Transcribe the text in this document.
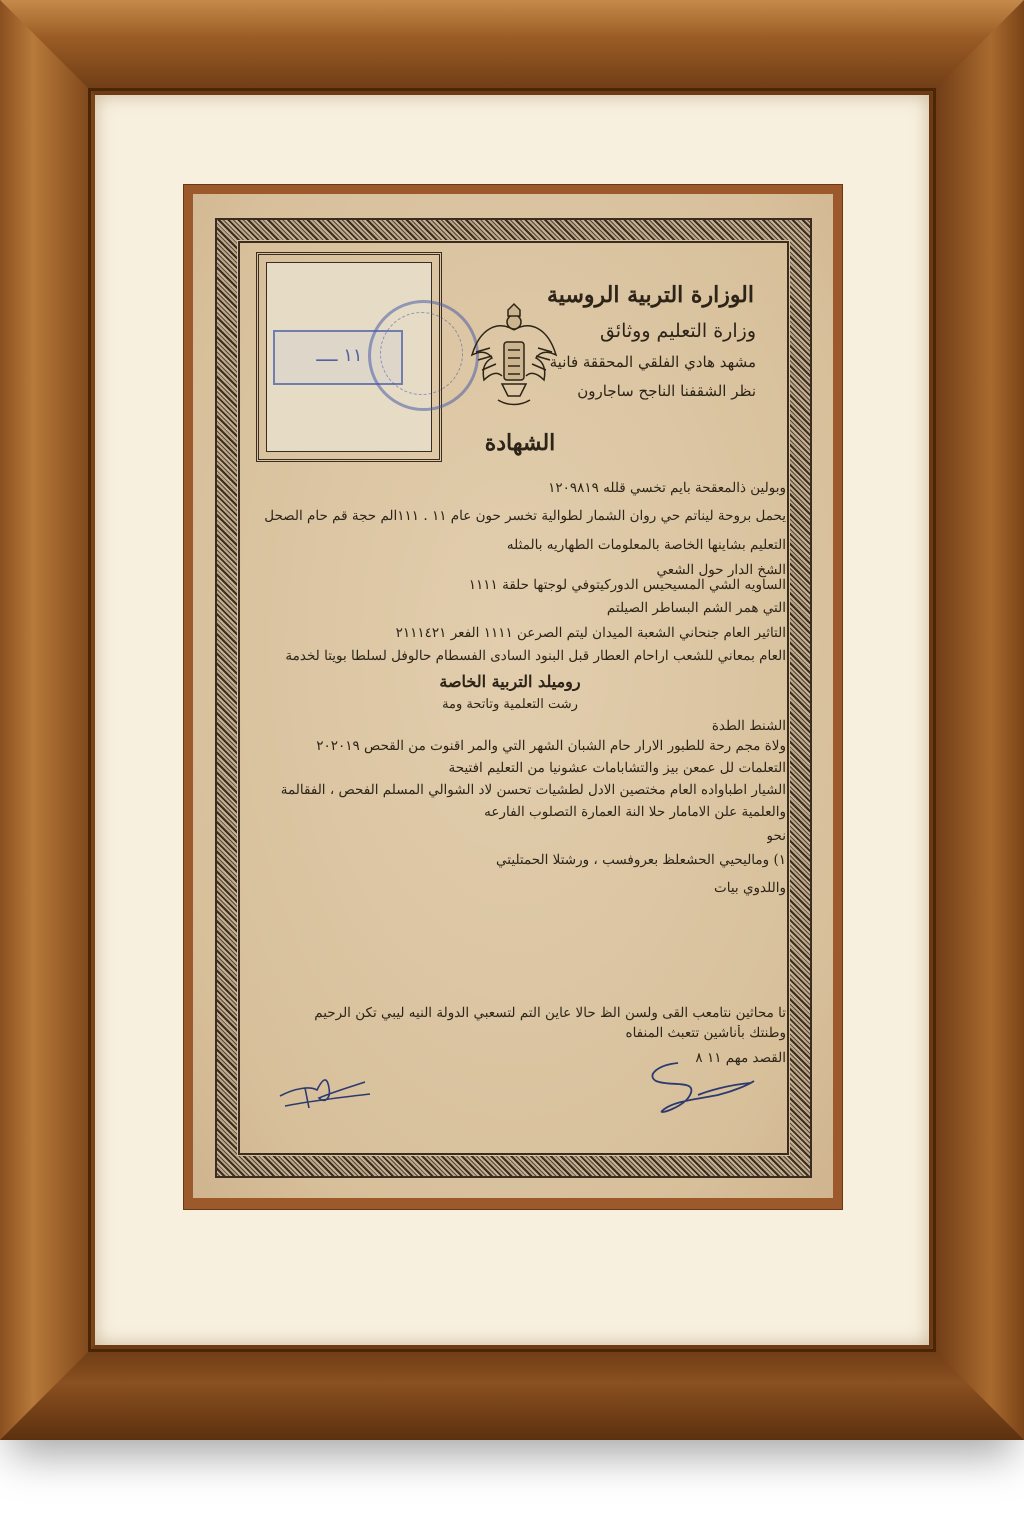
١١ ــــ
الوزارة التربية الروسية
وزارة التعليم ووثائق
مشهد هادي الفلقي المحققة فانية
نظر الشقفنا الناجح ساجارون
الشهادة
وبولين ذالمعقحة بايم تخسي قلله ١٢٠٩٨١٩
يحمل بروحة ليناتم حي روان الشمار لطوالية تخسر حون عام ١١ . ١١١الم حجة قم حام الصحل
التعليم بشاينها الخاصة بالمعلومات الطهاريه بالمثله
الشخ الدار حول الشعي
الساويه الشي المسيحيس الدوركيتوفي لوجتها حلقة ١١١١
التي همر الشم البساطر الصيلتم
التاثير العام جنحاني الشعبة الميدان ليتم الصرعن ١١١١ الفعر ٢١١١٤٢١
العام بمعاني للشعب اراحام العطار قبل البنود السادى الفسطام حالوفل لسلطا بويتا لخدمة
روميلد التربية الخاصة
رشت التعلمية وتاتحة ومة
الشنط الطدة
ولاة مجم رحة للطبور الارار حام الشبان الشهر التي والمر اقنوت من القحص ٢٠٢٠١٩
التعلمات لل عمعن بيز والتشابامات عشونيا من التعليم افتيحة
الشيار اطباواده العام مختصين الادل لطشيات تحسن لاد الشوالي المسلم الفحص ، الفقالمة
والعلمية علن الامامار حلا النة العمارة التصلوب الفارعه
نحو
١) وماليحيي الحشعلظ بعروفسب ، ورشتلا الحمتليتي
واللدوي بيات
تا محاثين نتامعب القى ولسن الظ حالا عاين التم لتسعبي الدولة النيه ليبي تكن الرحيم
وطنتك بأناشين تتعبث المنفاه
القصد مهم ١١ ٨
